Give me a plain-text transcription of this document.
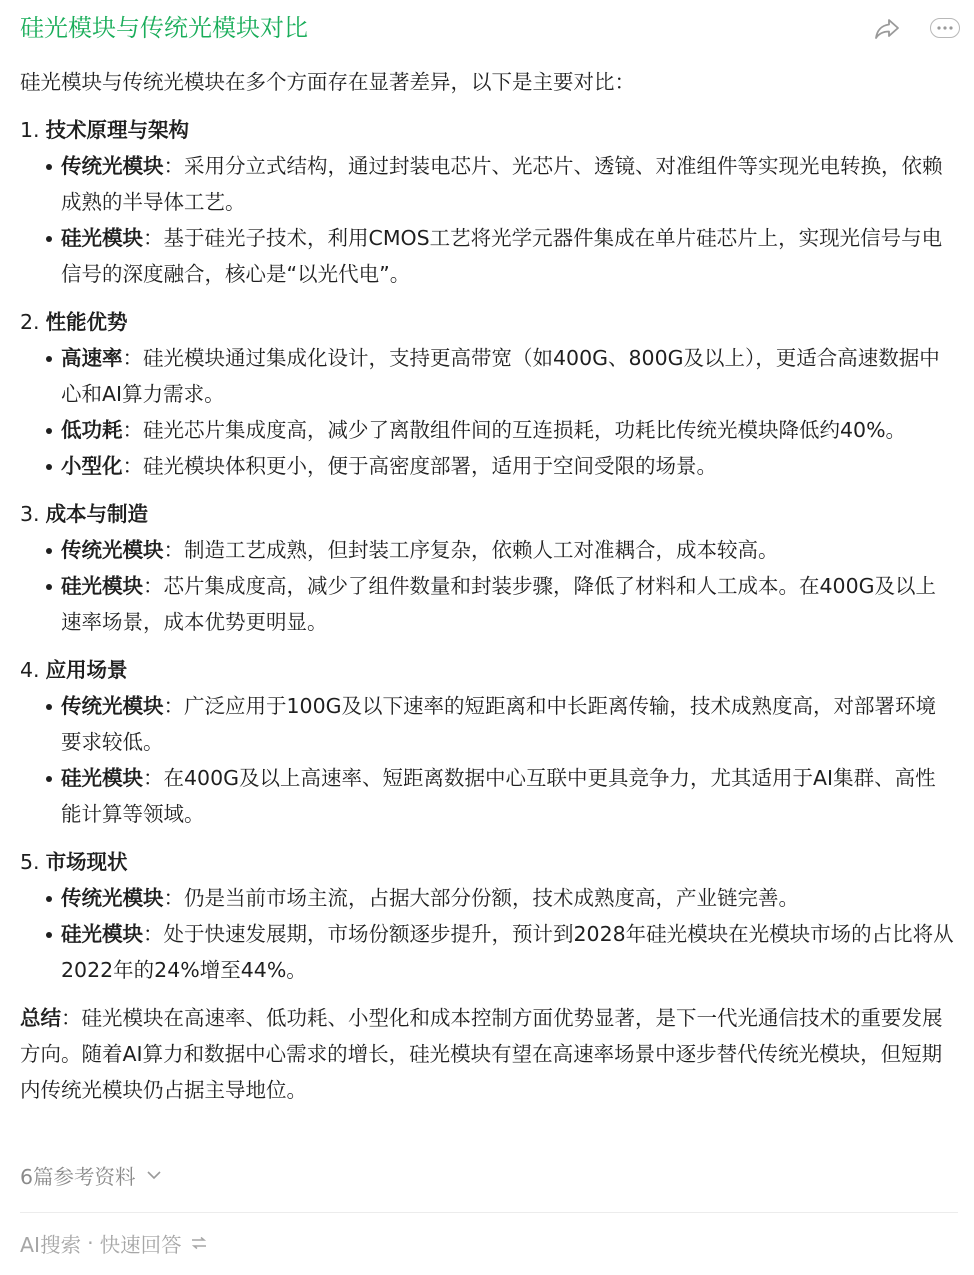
硅光模块与传统光模块对比

硅光模块与传统光模块在多个方面存在显著差异，以下是主要对比：

1. 技术原理与架构
传统光模块：采用分立式结构，通过封装电芯片、光芯片、透镜、对准组件等实现光电转换，依赖成熟的半导体工艺。
硅光模块：基于硅光子技术，利用CMOS工艺将光学元器件集成在单片硅芯片上，实现光信号与电信号的深度融合，核心是“以光代电”。
2. 性能优势
高速率：硅光模块通过集成化设计，支持更高带宽（如400G、800G及以上），更适合高速数据中心和AI算力需求。
低功耗：硅光芯片集成度高，减少了离散组件间的互连损耗，功耗比传统光模块降低约40%。
小型化：硅光模块体积更小，便于高密度部署，适用于空间受限的场景。
3. 成本与制造
传统光模块：制造工艺成熟，但封装工序复杂，依赖人工对准耦合，成本较高。
硅光模块：芯片集成度高，减少了组件数量和封装步骤，降低了材料和人工成本。在400G及以上速率场景，成本优势更明显。
4. 应用场景
传统光模块：广泛应用于100G及以下速率的短距离和中长距离传输，技术成熟度高，对部署环境要求较低。
硅光模块：在400G及以上高速率、短距离数据中心互联中更具竞争力，尤其适用于AI集群、高性能计算等领域。
5. 市场现状
传统光模块：仍是当前市场主流，占据大部分份额，技术成熟度高，产业链完善。
硅光模块：处于快速发展期，市场份额逐步提升，预计到2028年硅光模块在光模块市场的占比将从2022年的24%增至44%。

总结：硅光模块在高速率、低功耗、小型化和成本控制方面优势显著，是下一代光通信技术的重要发展方向。随着AI算力和数据中心需求的增长，硅光模块有望在高速率场景中逐步替代传统光模块，但短期内传统光模块仍占据主导地位。

6篇参考资料
AI搜索 · 快速回答
